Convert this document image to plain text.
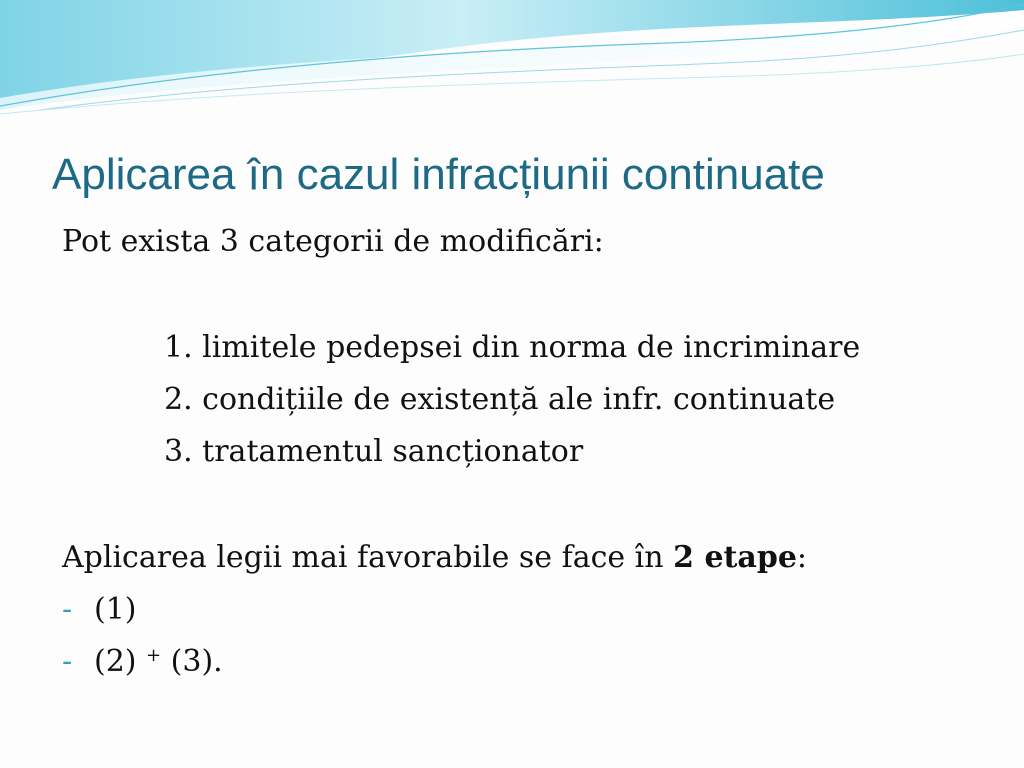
Aplicarea în cazul infracțiunii continuate
Pot exista 3 categorii de modificări:
1. limitele pedepsei din norma de incriminare
2. condițiile de existență ale infr. continuate
3. tratamentul sancționator
Aplicarea legii mai favorabile se face în 2 etape:
- (1)
- (2) + (3).
